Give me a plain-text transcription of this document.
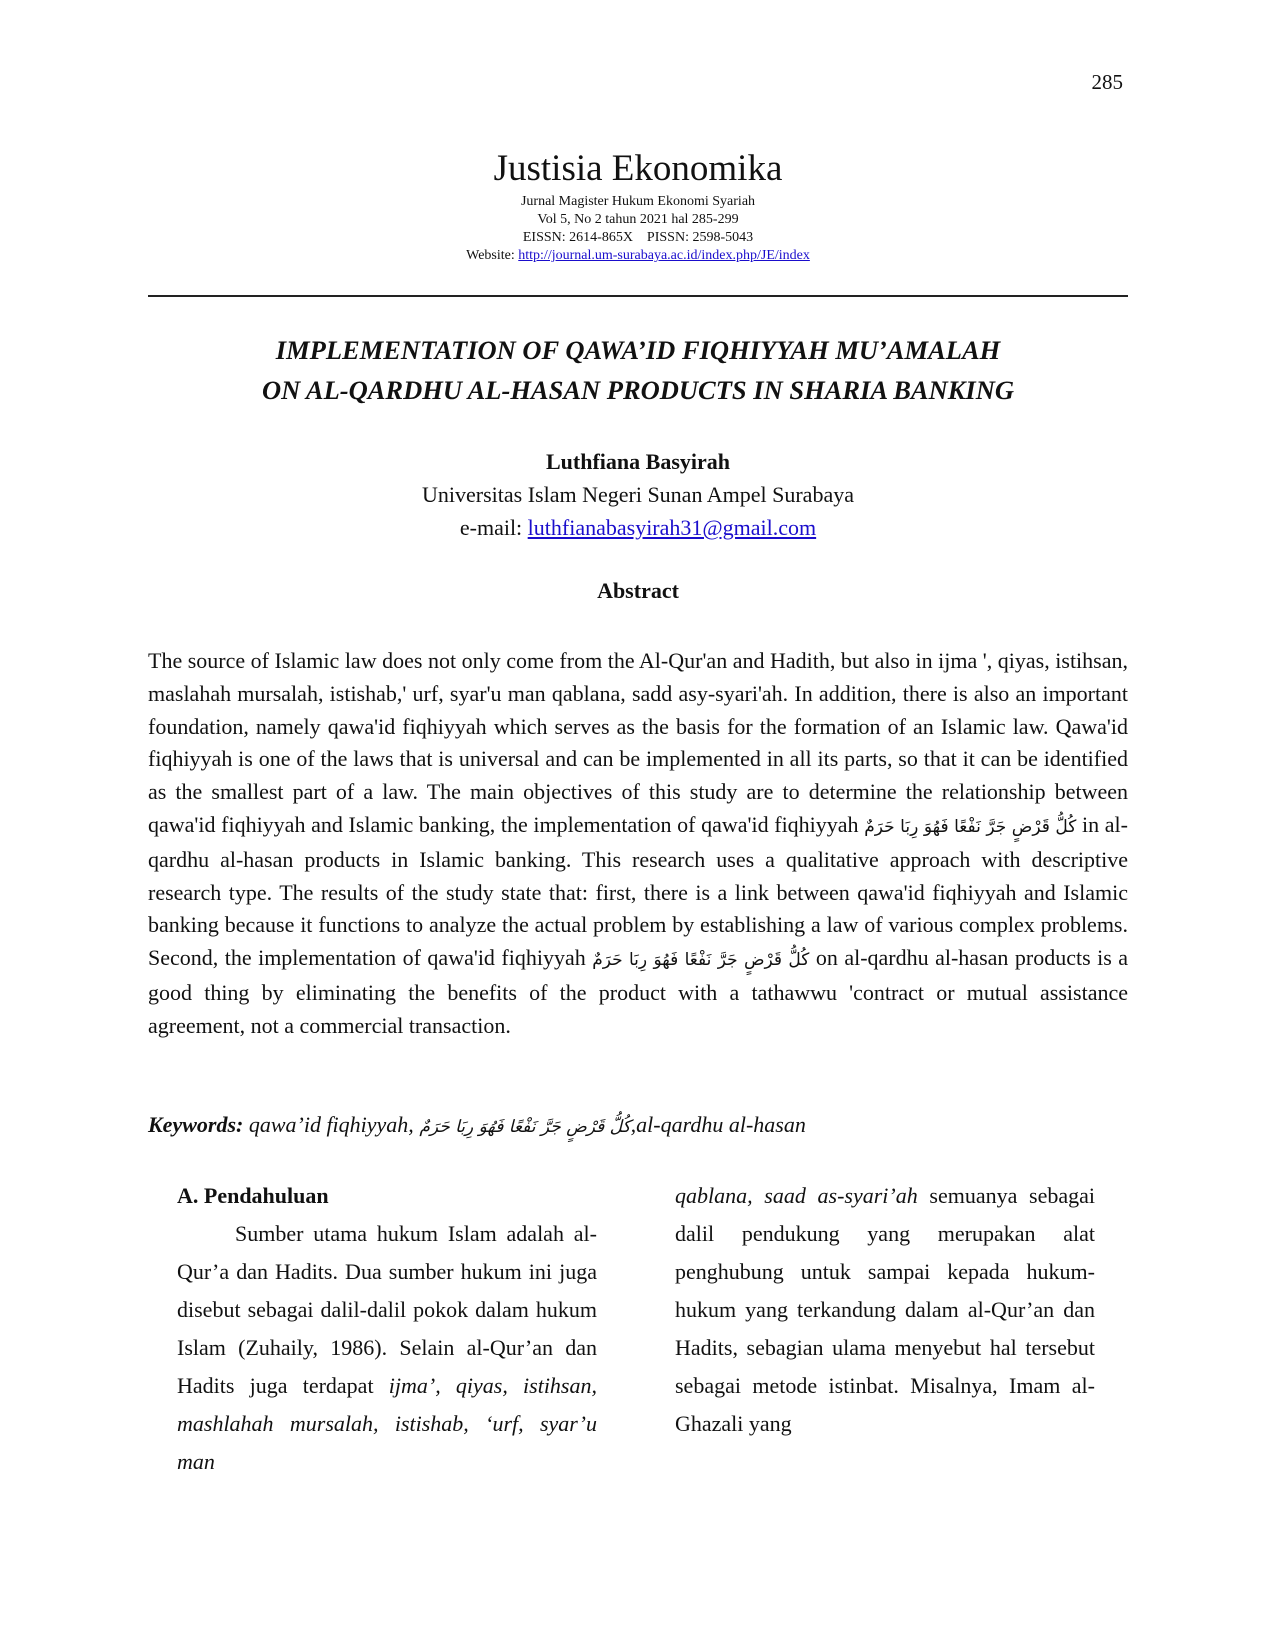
285
Justisia Ekonomika
Jurnal Magister Hukum Ekonomi Syariah
Vol 5, No 2 tahun 2021 hal 285-299
EISSN: 2614-865X    PISSN: 2598-5043
Website: http://journal.um-surabaya.ac.id/index.php/JE/index
IMPLEMENTATION OF QAWA’ID FIQHIYYAH MU’AMALAH
ON AL-QARDHU AL-HASAN PRODUCTS IN SHARIA BANKING
Luthfiana Basyirah
Universitas Islam Negeri Sunan Ampel Surabaya
e-mail: luthfianabasyirah31@gmail.com
Abstract
The source of Islamic law does not only come from the Al-Qur'an and Hadith, but also in ijma ', qiyas, istihsan, maslahah mursalah, istishab,' urf, syar'u man qablana, sadd asy-syari'ah. In addition, there is also an important foundation, namely qawa'id fiqhiyyah which serves as the basis for the formation of an Islamic law. Qawa'id fiqhiyyah is one of the laws that is universal and can be implemented in all its parts, so that it can be identified as the smallest part of a law. The main objectives of this study are to determine the relationship between qawa'id fiqhiyyah and Islamic banking, the implementation of qawa'id fiqhiyyah كُلُّ قَرْضٍ جَرَّ نَفْعًا فَهُوَ رِبَا حَرَمٌ in al-qardhu al-hasan products in Islamic banking. This research uses a qualitative approach with descriptive research type. The results of the study state that: first, there is a link between qawa'id fiqhiyyah and Islamic banking because it functions to analyze the actual problem by establishing a law of various complex problems. Second, the implementation of qawa'id fiqhiyyah كُلُّ قَرْضٍ جَرَّ نَفْعًا فَهُوَ رِبَا حَرَمٌ on al-qardhu al-hasan products is a good thing by eliminating the benefits of the product with a tathawwu 'contract or mutual assistance agreement, not a commercial transaction.
Keywords: qawa’id fiqhiyyah, كُلُّ قَرْضٍ جَرَّ نَفْعًا فَهُوَ رِبَا حَرَمٌ,al-qardhu al-hasan

A. Pendahuluan

Sumber utama hukum Islam adalah al-Qur’a dan Hadits. Dua sumber hukum ini juga disebut sebagai dalil-dalil pokok dalam hukum Islam (Zuhaily, 1986). Selain al-Qur’an dan Hadits juga terdapat ijma’, qiyas, istihsan, mashlahah mursalah, istishab, ‘urf, syar’u man

qablana, saad as-syari’ah semuanya sebagai dalil pendukung yang merupakan alat penghubung untuk sampai kepada hukum-hukum yang terkandung dalam al-Qur’an dan Hadits, sebagian ulama menyebut hal tersebut sebagai metode istinbat. Misalnya, Imam al-Ghazali yang
